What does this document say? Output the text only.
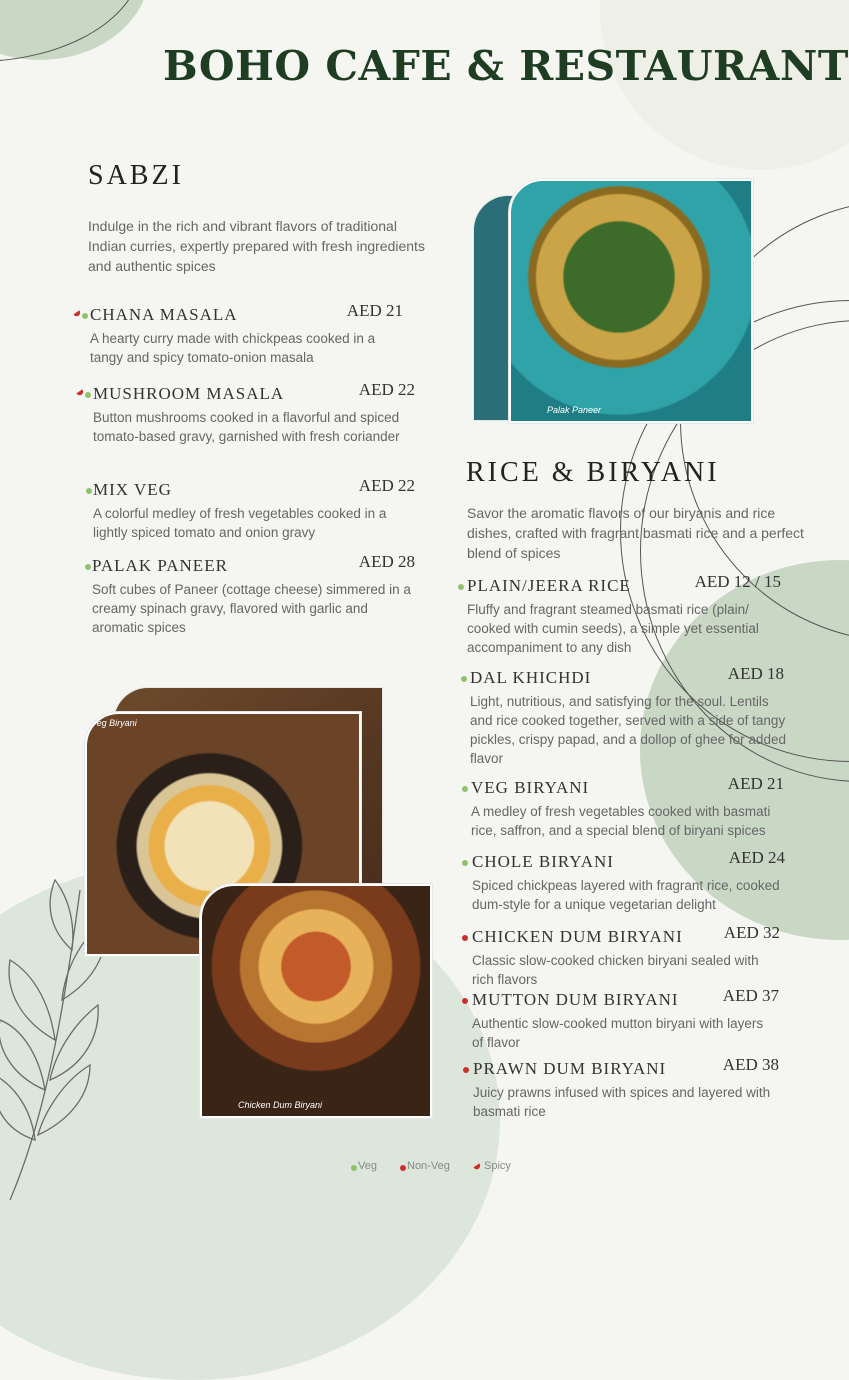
BOHO CAFE & RESTAURANT
SABZI
Indulge in the rich and vibrant flavors of traditional Indian curries, expertly prepared with fresh ingredients and authentic spices
CHANA MASALA	AED 21
A hearty curry made with chickpeas cooked in a tangy and spicy tomato-onion masala
MUSHROOM MASALA	AED 22
Button mushrooms cooked in a flavorful and spiced tomato-based gravy, garnished with fresh coriander
MIX VEG	AED 22
A colorful medley of fresh vegetables cooked in a lightly spiced tomato and onion gravy
PALAK PANEER	AED 28
Soft cubes of Paneer (cottage cheese) simmered in a creamy spinach gravy, flavored with garlic and aromatic spices
Palak Paneer
RICE & BIRYANI
Savor the aromatic flavors of our biryanis and rice dishes, crafted with fragrant basmati rice and a perfect blend of spices
PLAIN/JEERA RICE	AED 12 / 15
Fluffy and fragrant steamed basmati rice (plain/ cooked with cumin seeds), a simple yet essential accompaniment to any dish
DAL KHICHDI	AED 18
Light, nutritious, and satisfying for the soul. Lentils and rice cooked together, served with a side of tangy pickles, crispy papad, and a dollop of ghee for added flavor
VEG BIRYANI	AED 21
A medley of fresh vegetables cooked with basmati rice, saffron, and a special blend of biryani spices
CHOLE BIRYANI	AED 24
Spiced chickpeas layered with fragrant rice, cooked dum-style for a unique vegetarian delight
CHICKEN DUM BIRYANI AED 32
Classic slow-cooked chicken biryani sealed with rich flavors
MUTTON DUM BIRYANI	AED 37
Authentic slow-cooked mutton biryani with layers of flavor
PRAWN DUM BIRYANI	AED 38
Juicy prawns infused with spices and layered with basmati rice
Veg Biryani
Chicken Dum Biryani
Veg	Non-Veg	Spicy
